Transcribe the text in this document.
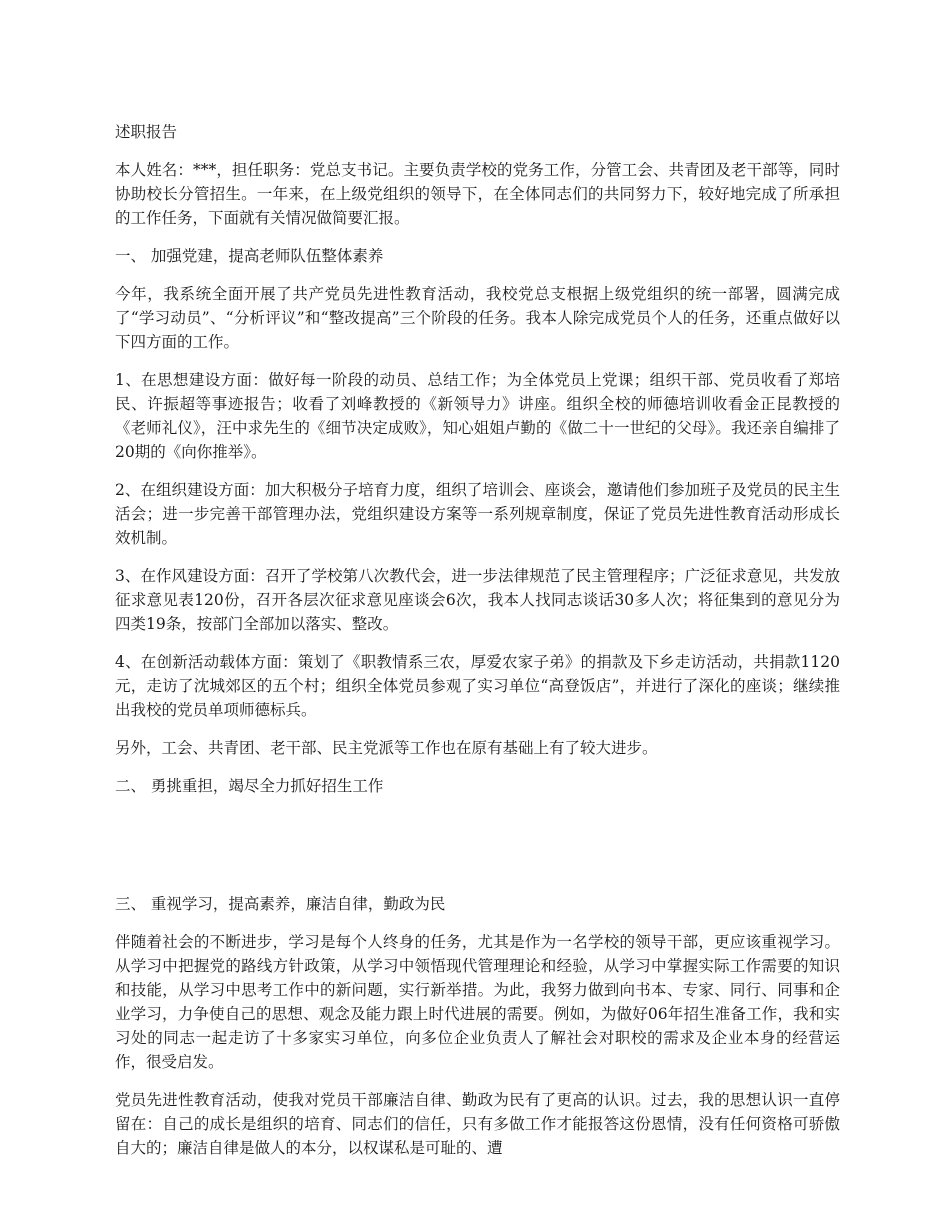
述职报告

本人姓名：***，担任职务：党总支书记。主要负责学校的党务工作，分管工会、共青团及老干部等，同时协助校长分管招生。一年来，在上级党组织的领导下，在全体同志们的共同努力下，较好地完成了所承担的工作任务，下面就有关情况做简要汇报。

一、 加强党建，提高老师队伍整体素养

今年，我系统全面开展了共产党员先进性教育活动，我校党总支根据上级党组织的统一部署，圆满完成了“学习动员”、“分析评议”和“整改提高”三个阶段的任务。我本人除完成党员个人的任务，还重点做好以下四方面的工作。

1、在思想建设方面：做好每一阶段的动员、总结工作；为全体党员上党课；组织干部、党员收看了郑培民、许振超等事迹报告；收看了刘峰教授的《新领导力》讲座。组织全校的师德培训收看金正昆教授的《老师礼仪》，汪中求先生的《细节决定成败》，知心姐姐卢勤的《做二十一世纪的父母》。我还亲自编排了20期的《向你推举》。

2、在组织建设方面：加大积极分子培育力度，组织了培训会、座谈会，邀请他们参加班子及党员的民主生活会；进一步完善干部管理办法，党组织建设方案等一系列规章制度，保证了党员先进性教育活动形成长效机制。

3、在作风建设方面：召开了学校第八次教代会，进一步法律规范了民主管理程序；广泛征求意见，共发放征求意见表120份，召开各层次征求意见座谈会6次，我本人找同志谈话30多人次；将征集到的意见分为四类19条，按部门全部加以落实、整改。

4、在创新活动载体方面：策划了《职教情系三农，厚爱农家子弟》的捐款及下乡走访活动，共捐款1120元，走访了沈城郊区的五个村；组织全体党员参观了实习单位“高登饭店”，并进行了深化的座谈；继续推出我校的党员单项师德标兵。

另外，工会、共青团、老干部、民主党派等工作也在原有基础上有了较大进步。

二、 勇挑重担，竭尽全力抓好招生工作

三、 重视学习，提高素养，廉洁自律，勤政为民

伴随着社会的不断进步，学习是每个人终身的任务，尤其是作为一名学校的领导干部，更应该重视学习。从学习中把握党的路线方针政策，从学习中领悟现代管理理论和经验，从学习中掌握实际工作需要的知识和技能，从学习中思考工作中的新问题，实行新举措。为此，我努力做到向书本、专家、同行、同事和企业学习，力争使自己的思想、观念及能力跟上时代进展的需要。例如，为做好06年招生准备工作，我和实习处的同志一起走访了十多家实习单位，向多位企业负责人了解社会对职校的需求及企业本身的经营运作，很受启发。

党员先进性教育活动，使我对党员干部廉洁自律、勤政为民有了更高的认识。过去，我的思想认识一直停留在：自己的成长是组织的培育、同志们的信任，只有多做工作才能报答这份恩情，没有任何资格可骄傲自大的；廉洁自律是做人的本分，以权谋私是可耻的、遭
